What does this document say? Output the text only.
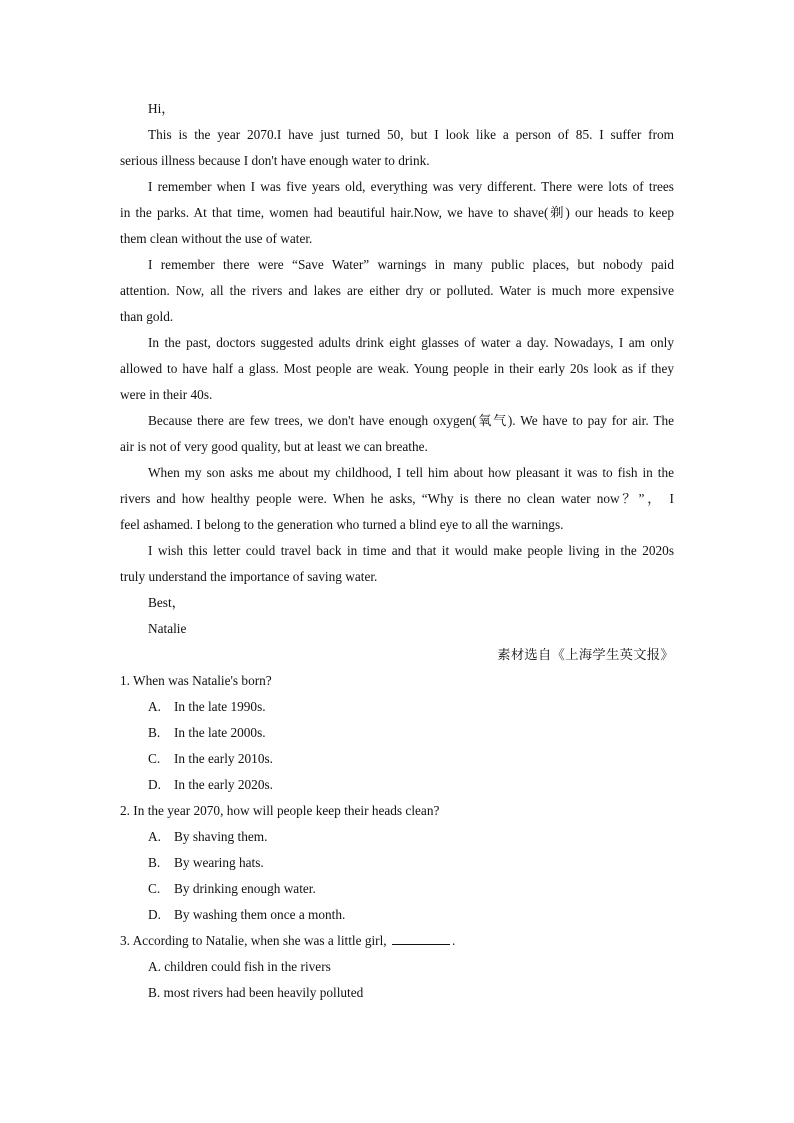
Hi，
This is the year 2070.I have just turned 50, but I look like a person of 85. I suffer from
serious illness because I don't have enough water to drink.
I remember when I was five years old, everything was very different. There were lots of trees
in the parks. At that time, women had beautiful hair.Now, we have to shave(剃) our heads to keep
them clean without the use of water.
I remember there were “Save Water” warnings in many public places, but nobody paid
attention. Now, all the rivers and lakes are either dry or polluted. Water is much more expensive
than gold.
In the past, doctors suggested adults drink eight glasses of water a day. Nowadays, I am only
allowed to have half a glass. Most people are weak. Young people in their early 20s look as if they
were in their 40s.
Because there are few trees, we don't have enough oxygen(氧气). We have to pay for air. The
air is not of very good quality, but at least we can breathe.
When my son asks me about my childhood, I tell him about how pleasant it was to fish in the
rivers and how healthy people were. When he asks, “Why is there no clean water now？”， I
feel ashamed. I belong to the generation who turned a blind eye to all the warnings.
I wish this letter could travel back in time and that it would make people living in the 2020s
truly understand the importance of saving water.
Best，
Natalie
素材选自《上海学生英文报》
1. When was Natalie's born?
A. In the late 1990s.
B. In the late 2000s.
C. In the early 2010s.
D. In the early 2020s.
2. In the year 2070, how will people keep their heads clean?
A. By shaving them.
B. By wearing hats.
C. By drinking enough water.
D. By washing them once a month.
3. According to Natalie, when she was a little girl,	.
A. children could fish in the rivers
B. most rivers had been heavily polluted
